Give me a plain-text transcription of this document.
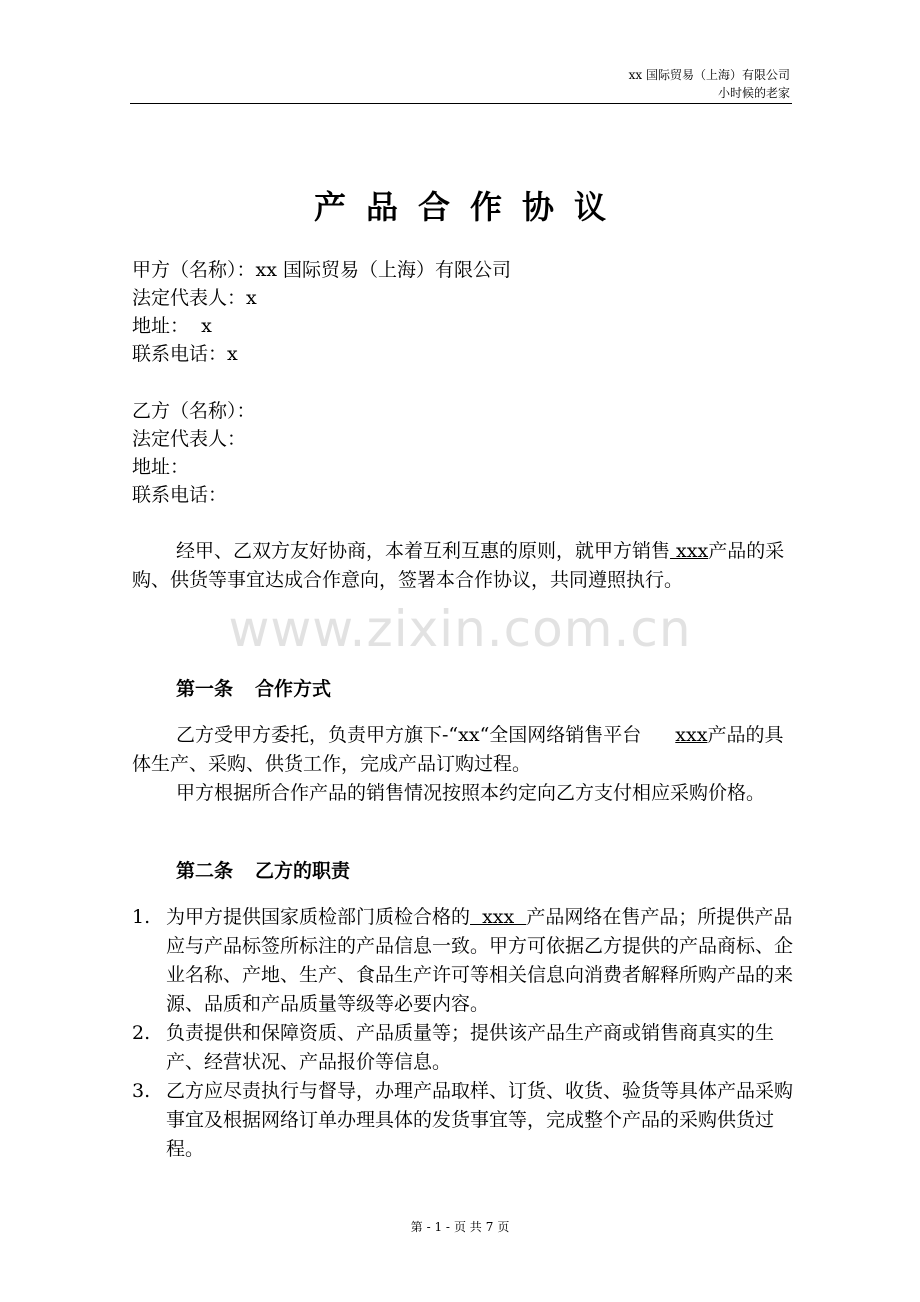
xx 国际贸易（上海）有限公司
小时候的老家
产品合作协议
甲方（名称）：xx 国际贸易（上海）有限公司
法定代表人：x
地址：  x
联系电话：x
乙方（名称）：
法定代表人：
地址：
联系电话：
经甲、乙双方友好协商，本着互利互惠的原则，就甲方销售 xxx产品的采购、供货等事宜达成合作意向，签署本合作协议，共同遵照执行。
www.zixin.com.cn
第一条 合作方式
乙方受甲方委托，负责甲方旗下-“xx“全国网络销售平台 xxx产品的具体生产、采购、供货工作，完成产品订购过程。
甲方根据所合作产品的销售情况按照本约定向乙方支付相应采购价格。
第二条 乙方的职责
1. 为甲方提供国家质检部门质检合格的  xxx  产品网络在售产品；所提供产品应与产品标签所标注的产品信息一致。甲方可依据乙方提供的产品商标、企业名称、产地、生产、食品生产许可等相关信息向消费者解释所购产品的来源、品质和产品质量等级等必要内容。
2. 负责提供和保障资质、产品质量等；提供该产品生产商或销售商真实的生产、经营状况、产品报价等信息。
3. 乙方应尽责执行与督导，办理产品取样、订货、收货、验货等具体产品采购事宜及根据网络订单办理具体的发货事宜等，完成整个产品的采购供货过程。
第 - 1 - 页 共 7 页
